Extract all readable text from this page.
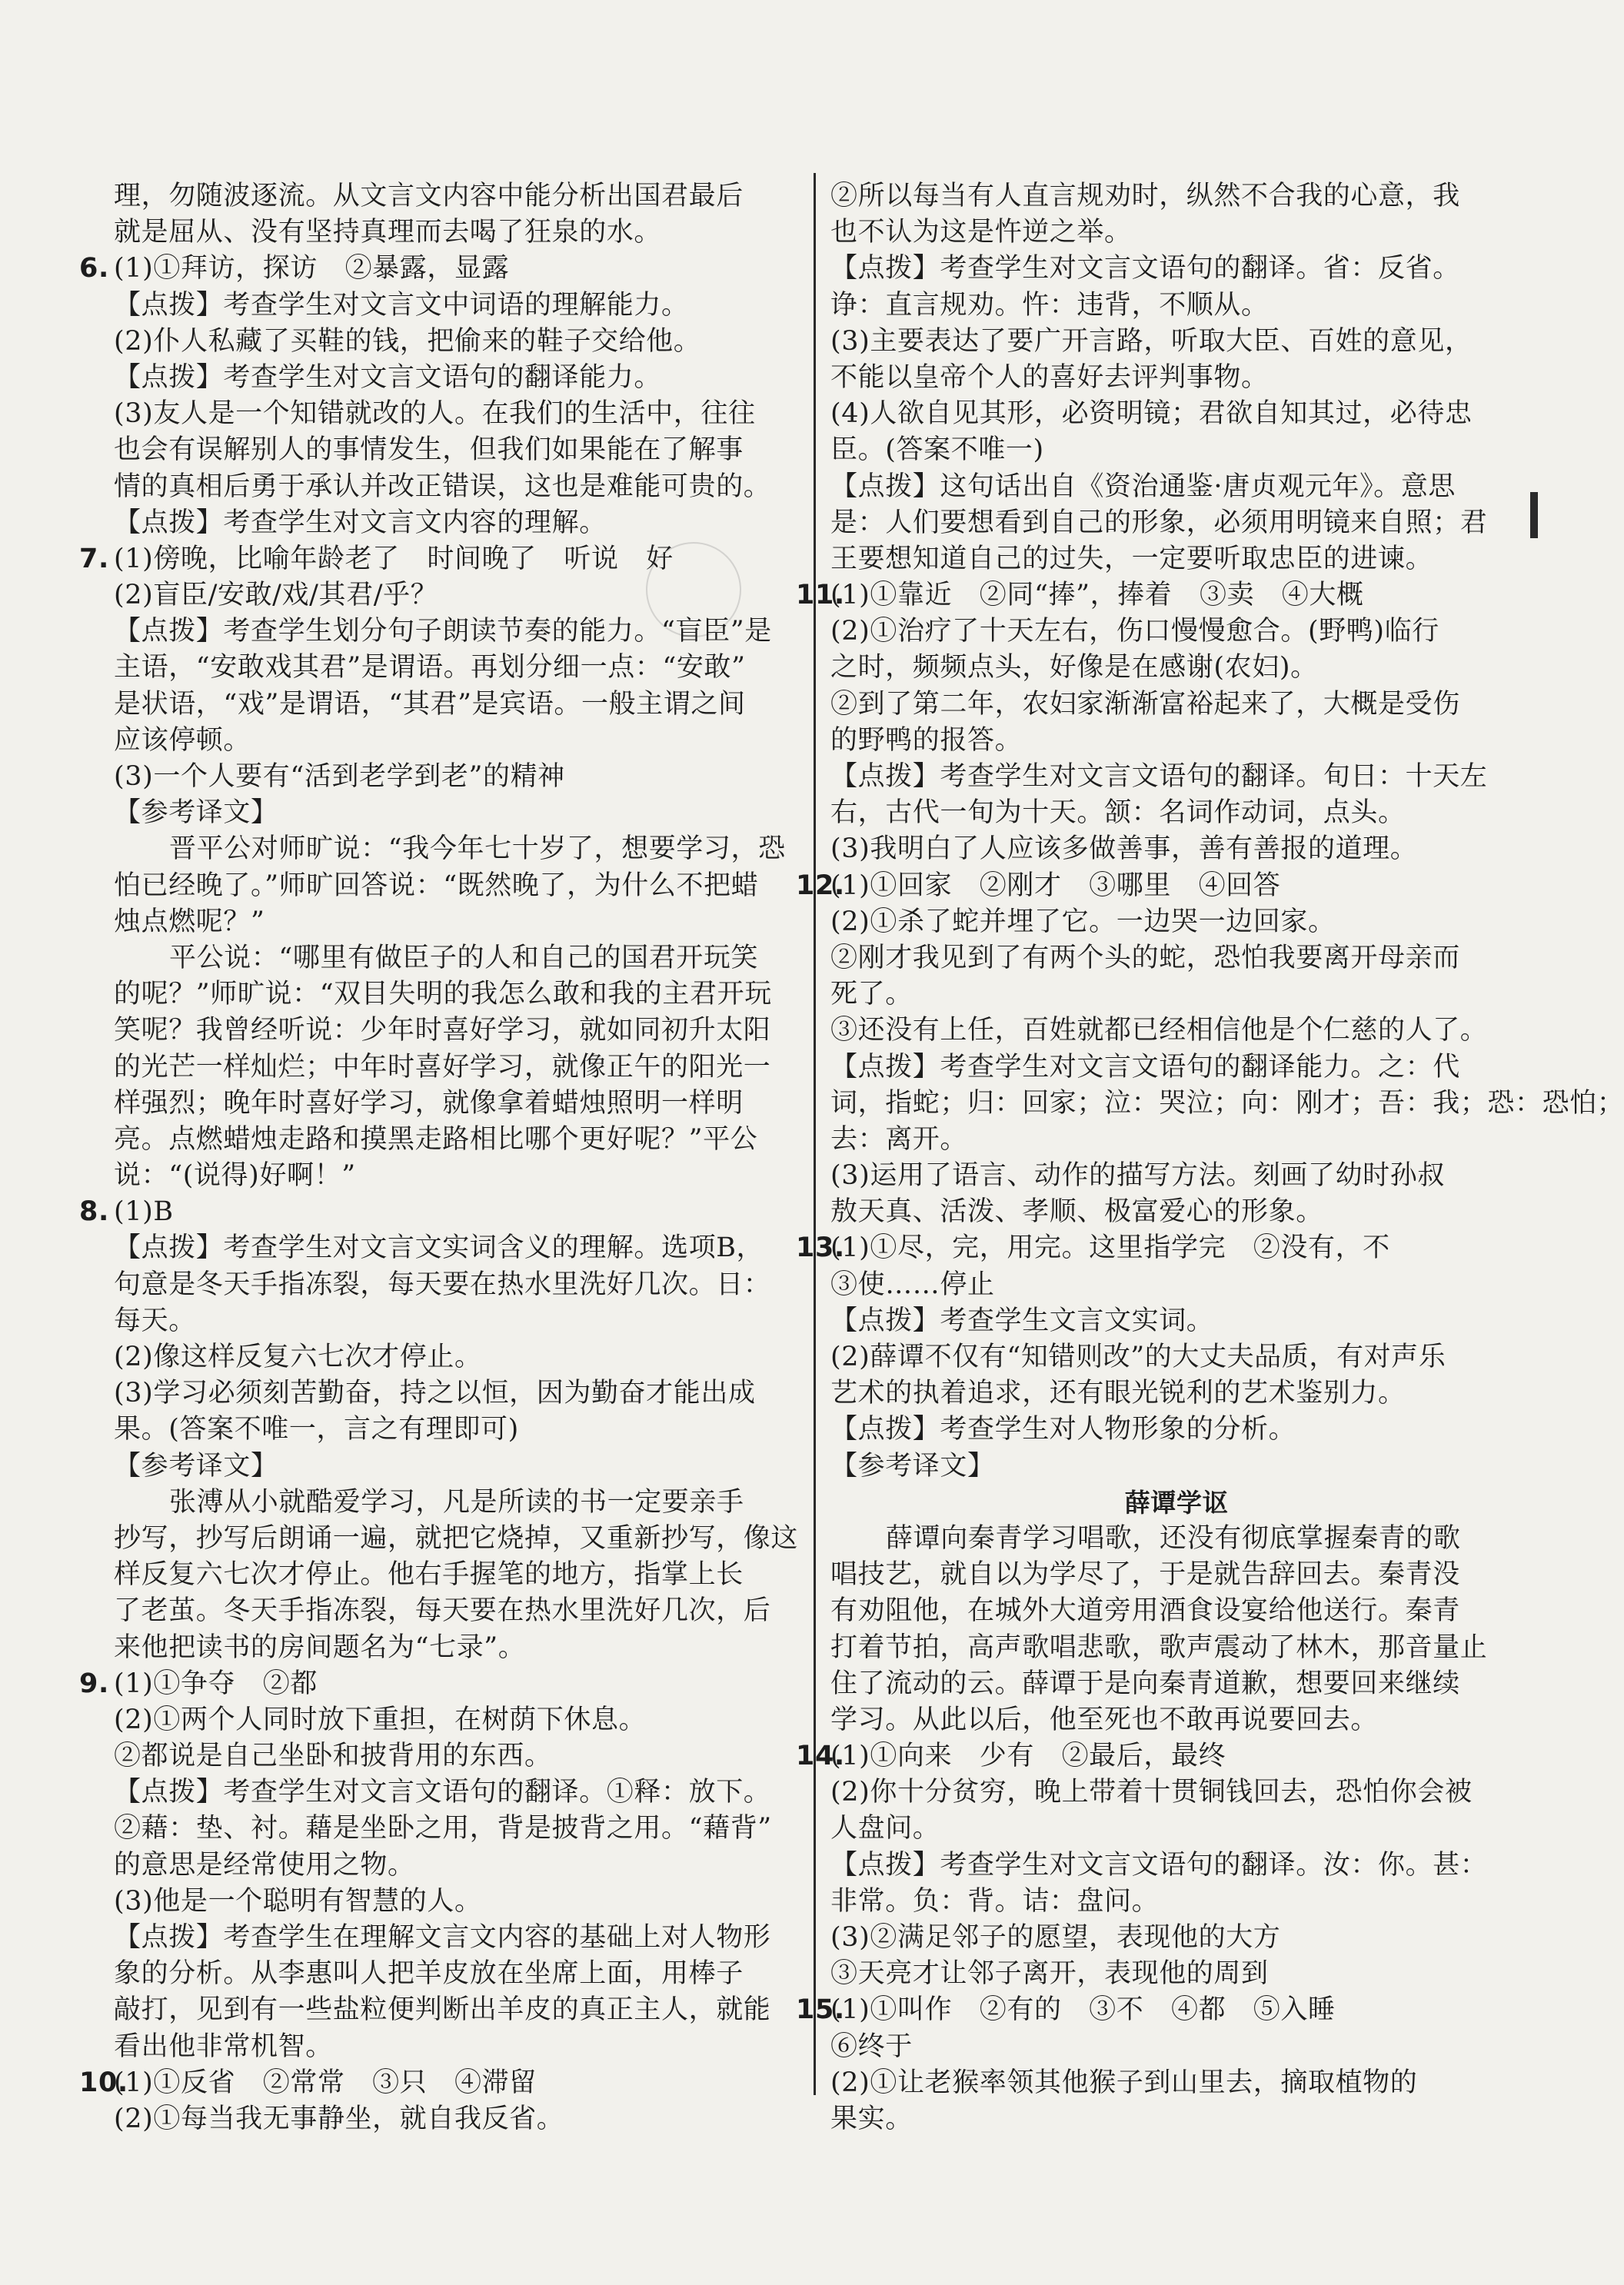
理，勿随波逐流。从文言文内容中能分析出国君最后
就是屈从、没有坚持真理而去喝了狂泉的水。
6. (1)①拜访，探访　②暴露，显露
【点拨】考查学生对文言文中词语的理解能力。
(2)仆人私藏了买鞋的钱，把偷来的鞋子交给他。
【点拨】考查学生对文言文语句的翻译能力。
(3)友人是一个知错就改的人。在我们的生活中，往往
也会有误解别人的事情发生，但我们如果能在了解事
情的真相后勇于承认并改正错误，这也是难能可贵的。
【点拨】考查学生对文言文内容的理解。
7. (1)傍晚，比喻年龄老了　时间晚了　听说　好
(2)盲臣/安敢/戏/其君/乎？
【点拨】考查学生划分句子朗读节奏的能力。“盲臣”是
主语，“安敢戏其君”是谓语。再划分细一点：“安敢”
是状语，“戏”是谓语，“其君”是宾语。一般主谓之间
应该停顿。
(3)一个人要有“活到老学到老”的精神
【参考译文】
晋平公对师旷说：“我今年七十岁了，想要学习，恐
怕已经晚了。”师旷回答说：“既然晚了，为什么不把蜡
烛点燃呢？”
平公说：“哪里有做臣子的人和自己的国君开玩笑
的呢？”师旷说：“双目失明的我怎么敢和我的主君开玩
笑呢？我曾经听说：少年时喜好学习，就如同初升太阳
的光芒一样灿烂；中年时喜好学习，就像正午的阳光一
样强烈；晚年时喜好学习，就像拿着蜡烛照明一样明
亮。点燃蜡烛走路和摸黑走路相比哪个更好呢？”平公
说：“(说得)好啊！”
8. (1)B
【点拨】考查学生对文言文实词含义的理解。选项B，
句意是冬天手指冻裂，每天要在热水里洗好几次。日：
每天。
(2)像这样反复六七次才停止。
(3)学习必须刻苦勤奋，持之以恒，因为勤奋才能出成
果。(答案不唯一，言之有理即可)
【参考译文】
张溥从小就酷爱学习，凡是所读的书一定要亲手
抄写，抄写后朗诵一遍，就把它烧掉，又重新抄写，像这
样反复六七次才停止。他右手握笔的地方，指掌上长
了老茧。冬天手指冻裂，每天要在热水里洗好几次，后
来他把读书的房间题名为“七录”。
9. (1)①争夺　②都
(2)①两个人同时放下重担，在树荫下休息。
②都说是自己坐卧和披背用的东西。
【点拨】考查学生对文言文语句的翻译。①释：放下。
②藉：垫、衬。藉是坐卧之用，背是披背之用。“藉背”
的意思是经常使用之物。
(3)他是一个聪明有智慧的人。
【点拨】考查学生在理解文言文内容的基础上对人物形
象的分析。从李惠叫人把羊皮放在坐席上面，用棒子
敲打，见到有一些盐粒便判断出羊皮的真正主人，就能
看出他非常机智。
10.(1)①反省　②常常　③只　④滞留
(2)①每当我无事静坐，就自我反省。
②所以每当有人直言规劝时，纵然不合我的心意，我
也不认为这是忤逆之举。
【点拨】考查学生对文言文语句的翻译。省：反省。
诤：直言规劝。忤：违背，不顺从。
(3)主要表达了要广开言路，听取大臣、百姓的意见，
不能以皇帝个人的喜好去评判事物。
(4)人欲自见其形，必资明镜；君欲自知其过，必待忠
臣。(答案不唯一)
【点拨】这句话出自《资治通鉴·唐贞观元年》。意思
是：人们要想看到自己的形象，必须用明镜来自照；君
王要想知道自己的过失，一定要听取忠臣的进谏。
11.(1)①靠近　②同“捧”，捧着　③卖　④大概
(2)①治疗了十天左右，伤口慢慢愈合。(野鸭)临行
之时，频频点头，好像是在感谢(农妇)。
②到了第二年，农妇家渐渐富裕起来了，大概是受伤
的野鸭的报答。
【点拨】考查学生对文言文语句的翻译。旬日：十天左
右，古代一旬为十天。颔：名词作动词，点头。
(3)我明白了人应该多做善事，善有善报的道理。
12.(1)①回家　②刚才　③哪里　④回答
(2)①杀了蛇并埋了它。一边哭一边回家。
②刚才我见到了有两个头的蛇，恐怕我要离开母亲而
死了。
③还没有上任，百姓就都已经相信他是个仁慈的人了。
【点拨】考查学生对文言文语句的翻译能力。之：代
词，指蛇；归：回家；泣：哭泣；向：刚才；吾：我；恐：恐怕；
去：离开。
(3)运用了语言、动作的描写方法。刻画了幼时孙叔
敖天真、活泼、孝顺、极富爱心的形象。
13.(1)①尽，完，用完。这里指学完　②没有，不
③使……停止
【点拨】考查学生文言文实词。
(2)薛谭不仅有“知错则改”的大丈夫品质，有对声乐
艺术的执着追求，还有眼光锐利的艺术鉴别力。
【点拨】考查学生对人物形象的分析。
【参考译文】
薛谭学讴
薛谭向秦青学习唱歌，还没有彻底掌握秦青的歌
唱技艺，就自以为学尽了，于是就告辞回去。秦青没
有劝阻他，在城外大道旁用酒食设宴给他送行。秦青
打着节拍，高声歌唱悲歌，歌声震动了林木，那音量止
住了流动的云。薛谭于是向秦青道歉，想要回来继续
学习。从此以后，他至死也不敢再说要回去。
14.(1)①向来　少有　②最后，最终
(2)你十分贫穷，晚上带着十贯铜钱回去，恐怕你会被
人盘问。
【点拨】考查学生对文言文语句的翻译。汝：你。甚：
非常。负：背。诘：盘问。
(3)②满足邻子的愿望，表现他的大方
③天亮才让邻子离开，表现他的周到
15.(1)①叫作　②有的　③不　④都　⑤入睡
⑥终于
(2)①让老猴率领其他猴子到山里去，摘取植物的
果实。
